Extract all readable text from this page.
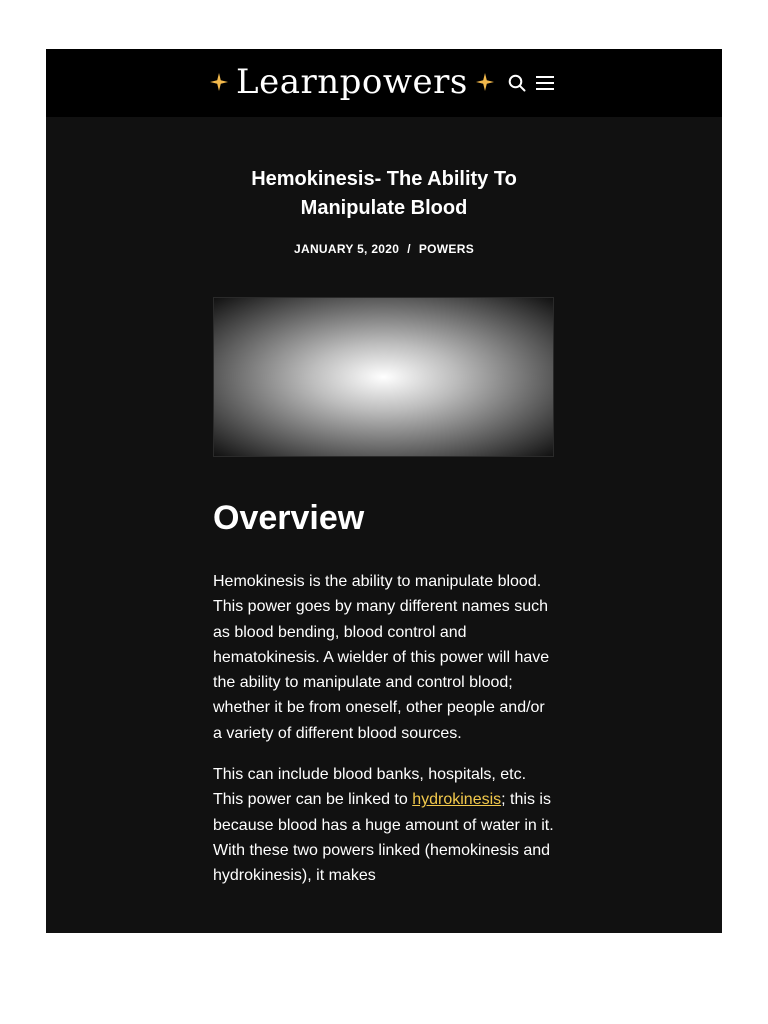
Learnpowers
Hemokinesis- The Ability To Manipulate Blood
JANUARY 5, 2020 / POWERS
Overview

Hemokinesis is the ability to manipulate blood. This power goes by many different names such as blood bending, blood control and hematokinesis. A wielder of this power will have the ability to manipulate and control blood; whether it be from oneself, other people and/or a variety of different blood sources.

This can include blood banks, hospitals, etc. This power can be linked to hydrokinesis; this is because blood has a huge amount of water in it. With these two powers linked (hemokinesis and hydrokinesis), it makes
